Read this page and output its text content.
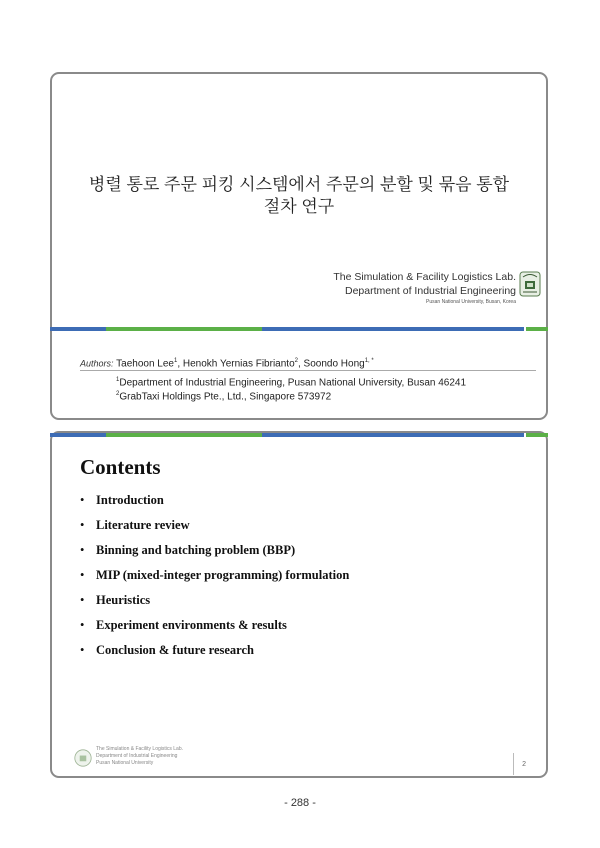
병렬 통로 주문 피킹 시스템에서 주문의 분할 및 묶음 통합
절차 연구
The Simulation & Facility Logistics Lab.
Department of Industrial Engineering
Pusan National University, Busan, Korea
Authors: Taehoon Lee$^1$, Henokh Yernias Fibrianto$^2$, Soondo Hong$^{1, *}$
$^1$Department of Industrial Engineering, Pusan National University, Busan 46241
$^2$GrabTaxi Holdings Pte., Ltd., Singapore 573972
Contents
• Introduction
• Literature review
• Binning and batching problem (BBP)
• MIP (mixed-integer programming) formulation
• Heuristics
• Experiment environments & results
• Conclusion & future research
The Simulation & Facility Logistics Lab.
Department of Industrial Engineering
Pusan National University	2
- 288 -
